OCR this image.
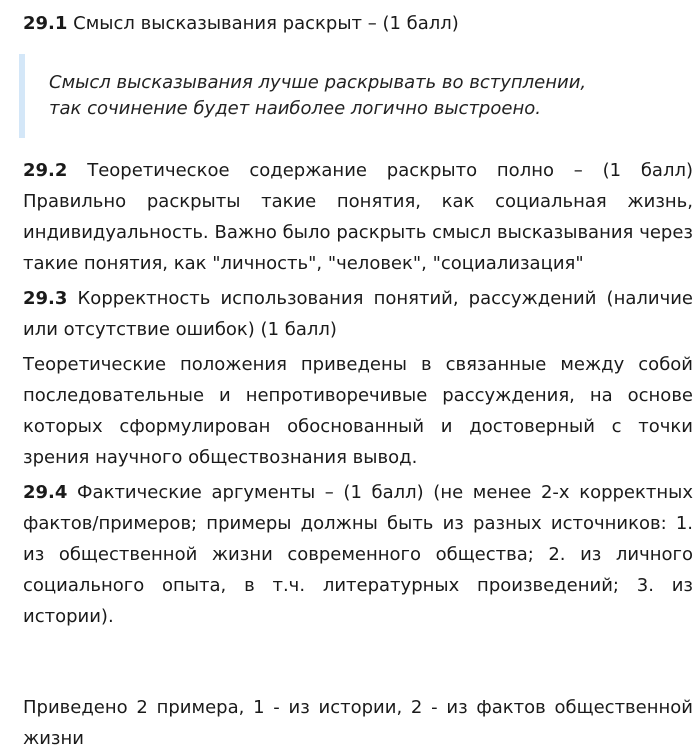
29.1 Смысл высказывания раскрыт – (1 балл)
Смысл высказывания лучше раскрывать во вступлении,
так сочинение будет наиболее логично выстроено.
29.2 Теоретическое содержание раскрыто полно – (1 балл) Правильно раскрыты такие понятия, как социальная жизнь, индивидуальность. Важно было раскрыть смысл высказывания через такие понятия, как "личность", "человек", "социализация"
29.3 Корректность использования понятий, рассуждений (наличие или отсутствие ошибок) (1 балл)
Теоретические положения приведены в связанные между собой последовательные и непротиворечивые рассуждения, на основе которых сформулирован обоснованный и достоверный с точки зрения научного обществознания вывод.
29.4 Фактические аргументы – (1 балл) (не менее 2-х корректных фактов/примеров; примеры должны быть из разных источников: 1. из общественной жизни современного общества; 2. из личного социального опыта, в т.ч. литературных произведений; 3. из истории).
Приведено 2 примера, 1 - из истории, 2 - из фактов общественной жизни
